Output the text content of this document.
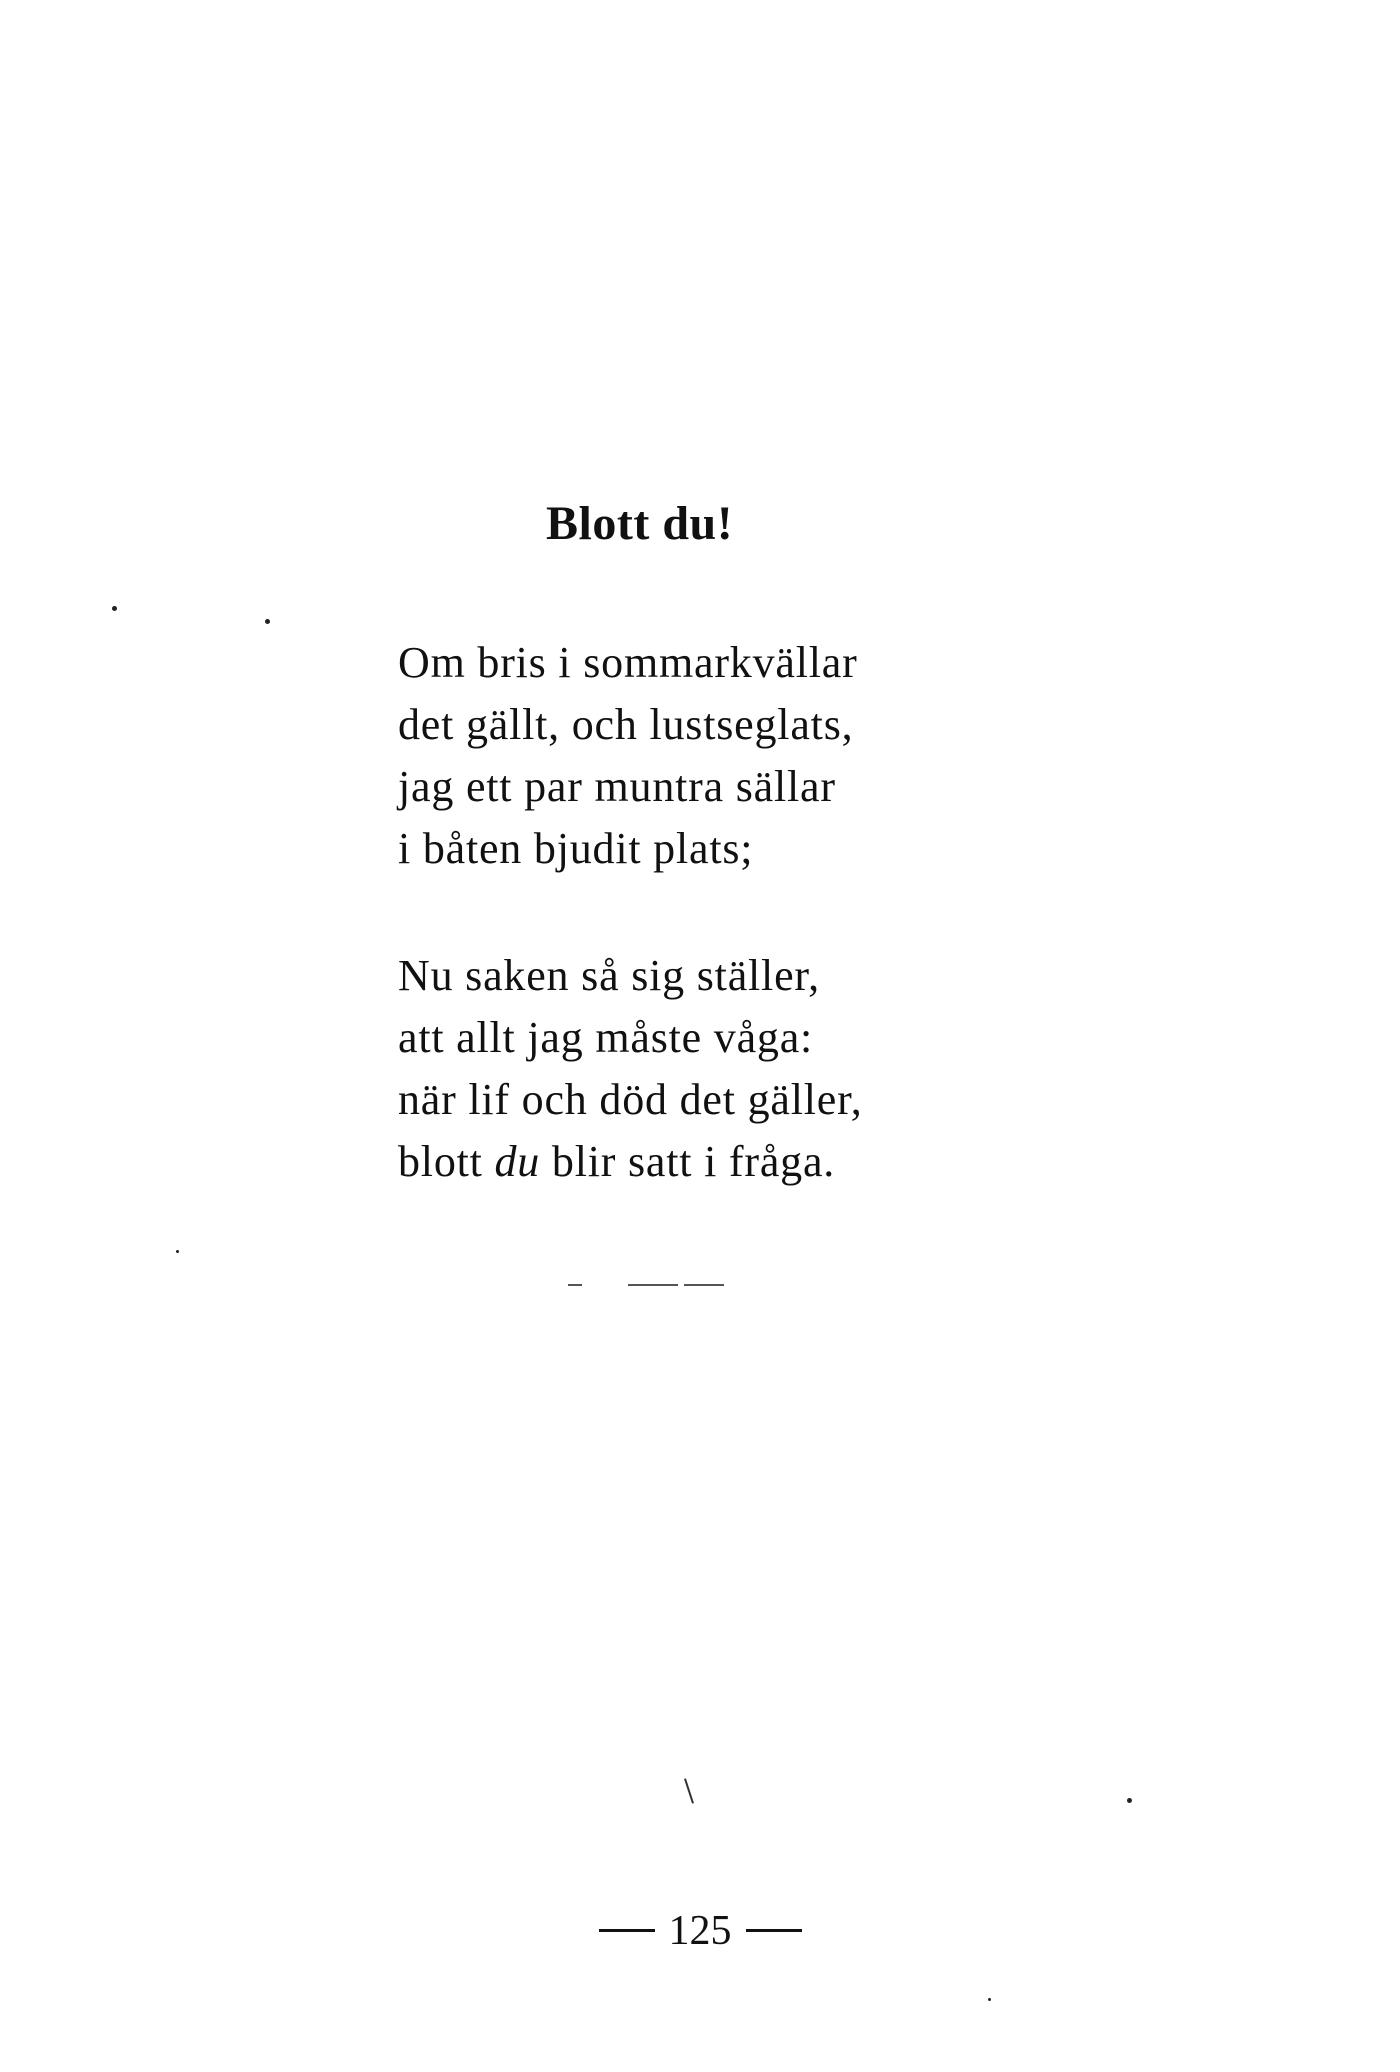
Blott du!
Om bris i sommarkvällar
det gällt, och lustseglats,
jag ett par muntra sällar
i båten bjudit plats;
Nu saken så sig ställer,
att allt jag måste våga:
när lif och död det gäller,
blott du blir satt i fråga.
125
